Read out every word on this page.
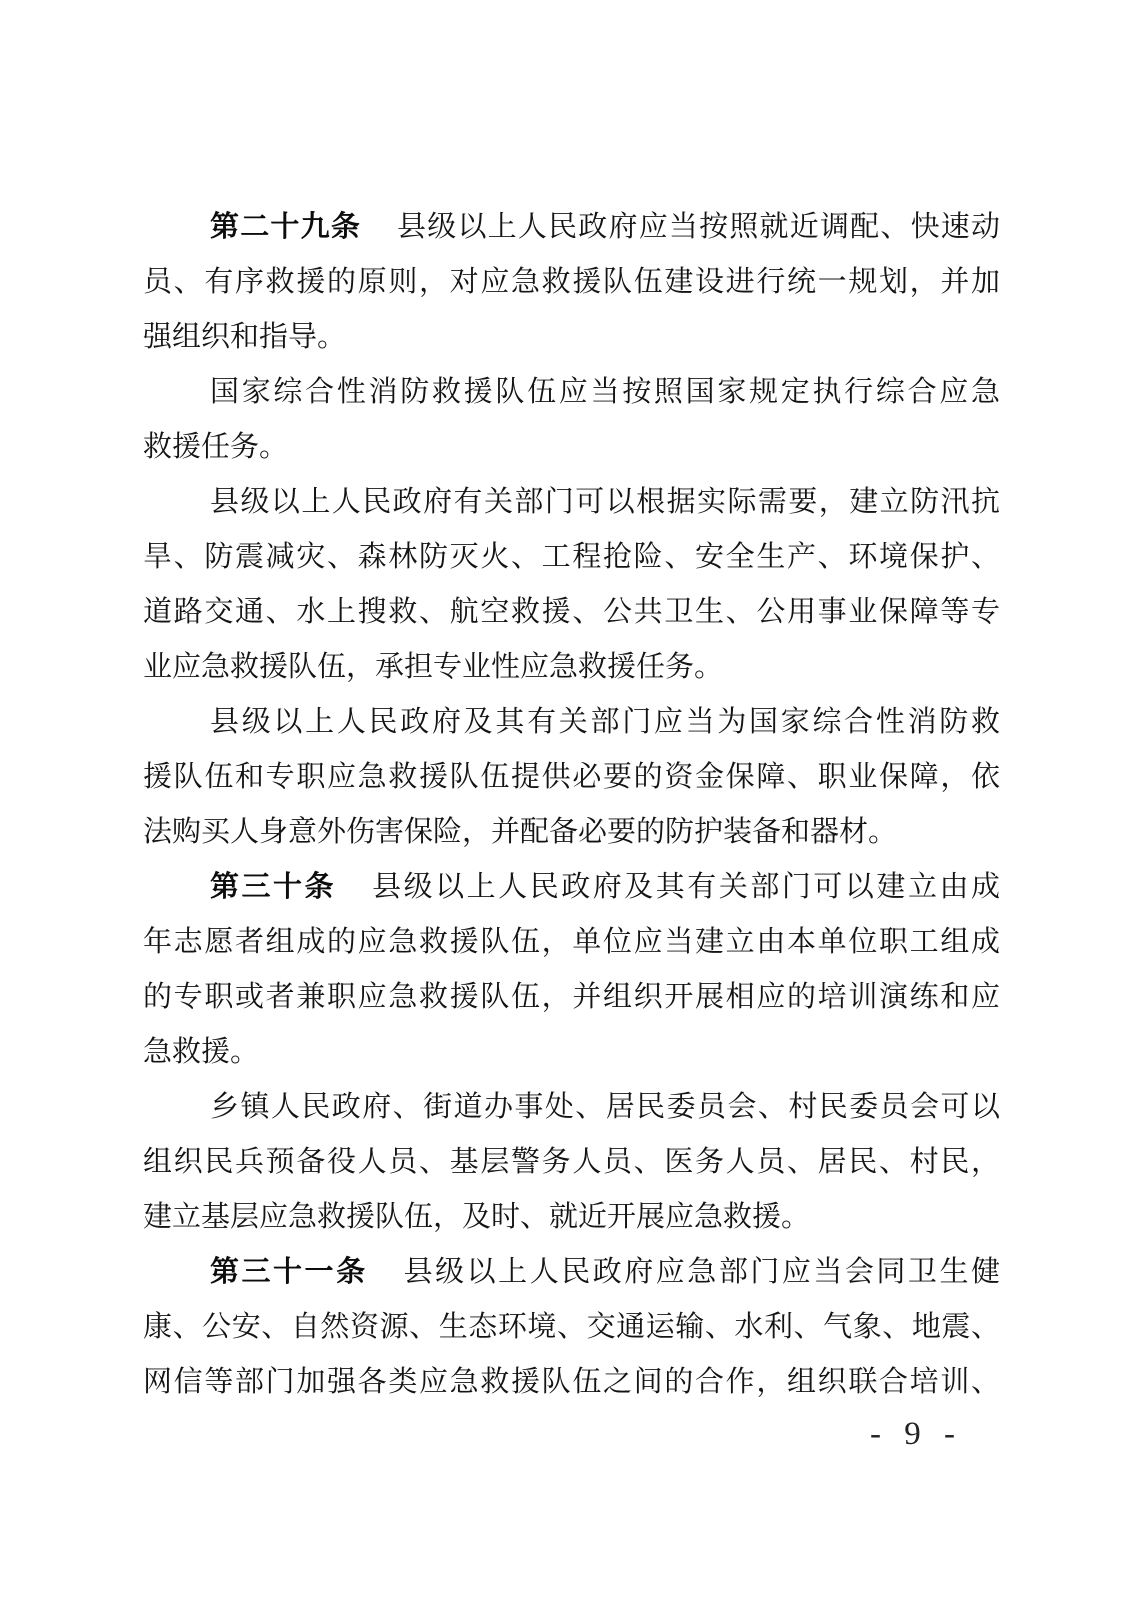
第二十九条 县级以上人民政府应当按照就近调配、快速动
员、有序救援的原则，对应急救援队伍建设进行统一规划，并加
强组织和指导。

国家综合性消防救援队伍应当按照国家规定执行综合应急
救援任务。

县级以上人民政府有关部门可以根据实际需要，建立防汛抗
旱、防震减灾、森林防灭火、工程抢险、安全生产、环境保护、
道路交通、水上搜救、航空救援、公共卫生、公用事业保障等专
业应急救援队伍，承担专业性应急救援任务。

县级以上人民政府及其有关部门应当为国家综合性消防救
援队伍和专职应急救援队伍提供必要的资金保障、职业保障，依
法购买人身意外伤害保险，并配备必要的防护装备和器材。

第三十条 县级以上人民政府及其有关部门可以建立由成
年志愿者组成的应急救援队伍，单位应当建立由本单位职工组成
的专职或者兼职应急救援队伍，并组织开展相应的培训演练和应
急救援。

乡镇人民政府、街道办事处、居民委员会、村民委员会可以
组织民兵预备役人员、基层警务人员、医务人员、居民、村民，
建立基层应急救援队伍，及时、就近开展应急救援。

第三十一条 县级以上人民政府应急部门应当会同卫生健
康、公安、自然资源、生态环境、交通运输、水利、气象、地震、
网信等部门加强各类应急救援队伍之间的合作，组织联合培训、

- 9 -
